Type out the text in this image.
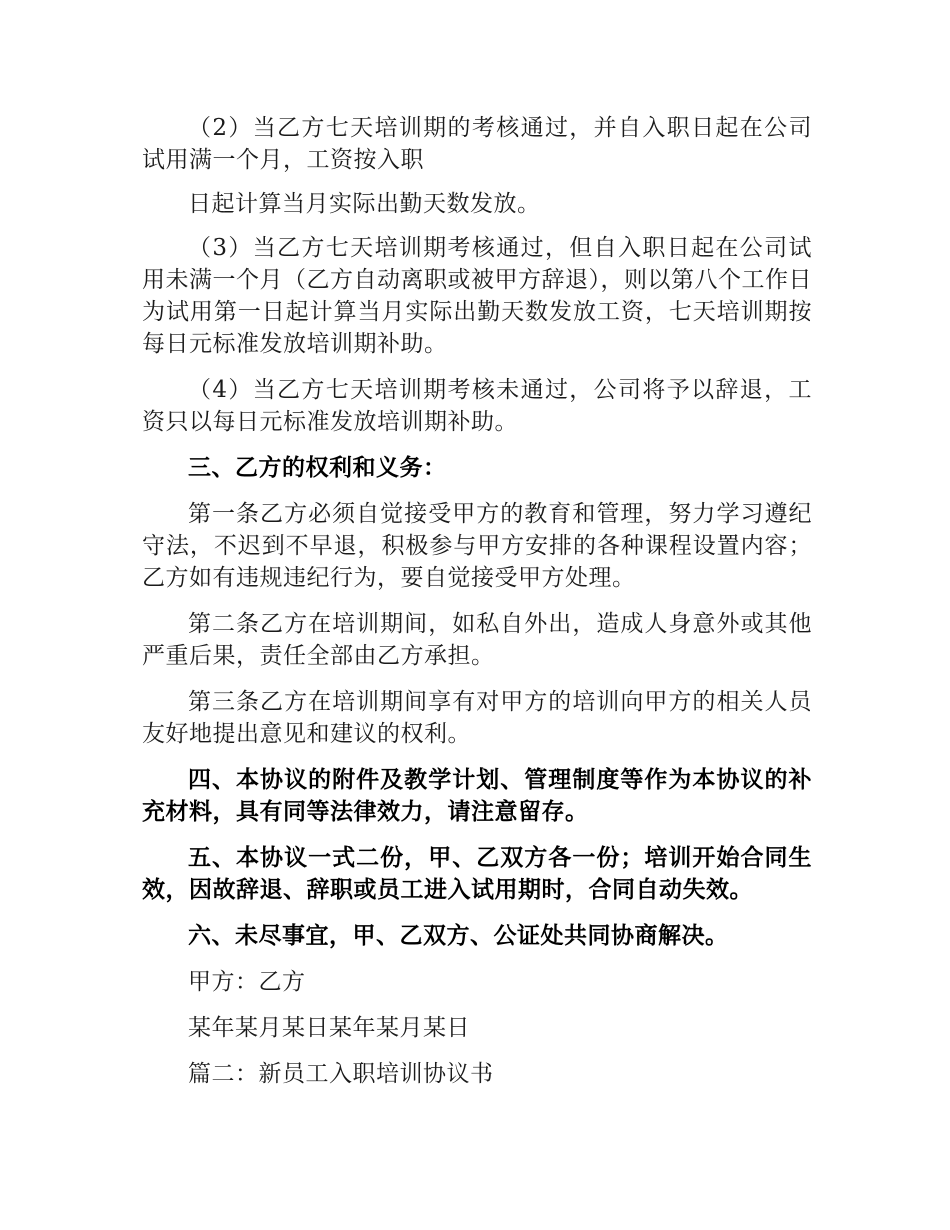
（2）当乙方七天培训期的考核通过，并自入职日起在公司试用满一个月，工资按入职

日起计算当月实际出勤天数发放。

（3）当乙方七天培训期考核通过，但自入职日起在公司试用未满一个月（乙方自动离职或被甲方辞退），则以第八个工作日为试用第一日起计算当月实际出勤天数发放工资，七天培训期按每日元标准发放培训期补助。

（4）当乙方七天培训期考核未通过，公司将予以辞退，工资只以每日元标准发放培训期补助。

三、乙方的权利和义务：

第一条乙方必须自觉接受甲方的教育和管理，努力学习遵纪守法，不迟到不早退，积极参与甲方安排的各种课程设置内容；乙方如有违规违纪行为，要自觉接受甲方处理。

第二条乙方在培训期间，如私自外出，造成人身意外或其他严重后果，责任全部由乙方承担。

第三条乙方在培训期间享有对甲方的培训向甲方的相关人员友好地提出意见和建议的权利。

四、本协议的附件及教学计划、管理制度等作为本协议的补充材料，具有同等法律效力，请注意留存。

五、本协议一式二份，甲、乙双方各一份；培训开始合同生效，因故辞退、辞职或员工进入试用期时，合同自动失效。

六、未尽事宜，甲、乙双方、公证处共同协商解决。

甲方：乙方

某年某月某日某年某月某日

篇二：新员工入职培训协议书
